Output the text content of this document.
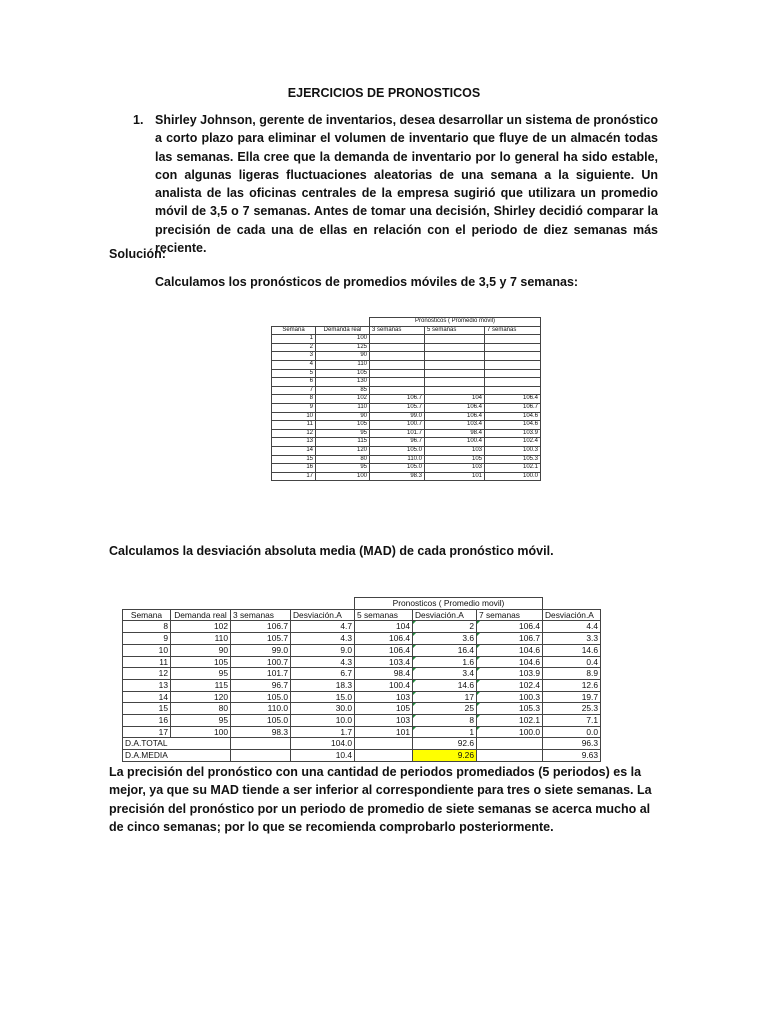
EJERCICIOS DE PRONOSTICOS
1. Shirley Johnson, gerente de inventarios, desea desarrollar un sistema de pronóstico a corto plazo para eliminar el volumen de inventario que fluye de un almacén todas las semanas. Ella cree que la demanda de inventario por lo general ha sido estable, con algunas ligeras fluctuaciones aleatorias de una semana a la siguiente. Un analista de las oficinas centrales de la empresa sugirió que utilizara un promedio móvil de 3,5 o 7 semanas. Antes de tomar una decisión, Shirley decidió comparar la precisión de cada una de ellas en relación con el periodo de diez semanas más reciente.
Solución:
Calculamos los pronósticos de promedios móviles de 3,5 y 7 semanas:
		Pronosticos ( Promedio movil)		
Semana	Demanda real	3 semanas	5 semanas	7 semanas
1	100			
2	125			
3	90			
4	110			
5	105			
6	130			
7	85			
8	102	106.7	104	106.4
9	110	105.7	106.4	106.7
10	90	99.0	106.4	104.6
11	105	100.7	103.4	104.6
12	95	101.7	98.4	103.9
13	115	96.7	100.4	102.4
14	120	105.0	103	100.3
15	80	110.0	105	105.3
16	95	105.0	103	102.1
17	100	98.3	101	100.0
Calculamos la desviación absoluta media (MAD) de cada pronóstico móvil.
				Pronosticos ( Promedio movil)			
Semana	Demanda real	3 semanas	Desviación.A	5 semanas	Desviación.A	7 semanas	Desviación.A
8	102	106.7	4.7	104	2	106.4	4.4
9	110	105.7	4.3	106.4	3.6	106.7	3.3
10	90	99.0	9.0	106.4	16.4	104.6	14.6
11	105	100.7	4.3	103.4	1.6	104.6	0.4
12	95	101.7	6.7	98.4	3.4	103.9	8.9
13	115	96.7	18.3	100.4	14.6	102.4	12.6
14	120	105.0	15.0	103	17	100.3	19.7
15	80	110.0	30.0	105	25	105.3	25.3
16	95	105.0	10.0	103	8	102.1	7.1
17	100	98.3	1.7	101	1	100.0	0.0
D.A.TOTAL			104.0		92.6		96.3
D.A.MEDIA			10.4		9.26		9.63
La precisión del pronóstico con una cantidad de periodos promediados (5 periodos) es la mejor, ya que su MAD tiende a ser inferior al correspondiente para tres o siete semanas. La precisión del pronóstico por un periodo de promedio de siete semanas se acerca mucho al de cinco semanas; por lo que se recomienda comprobarlo posteriormente.
